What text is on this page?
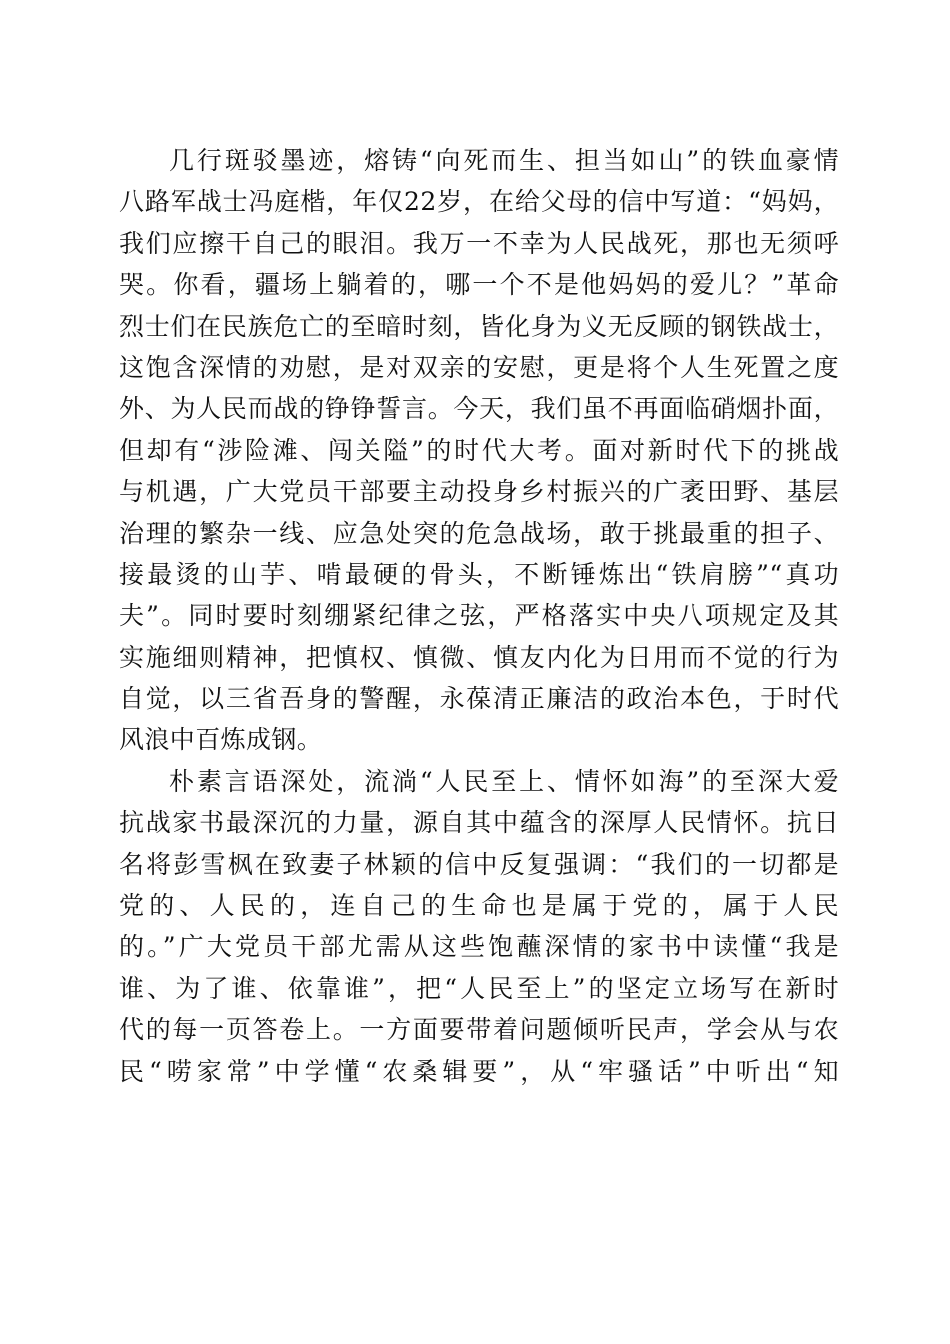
几行斑驳墨迹，熔铸“向死而生、担当如山”的铁血豪情
八路军战士冯庭楷，年仅22岁，在给父母的信中写道：“妈妈，
我们应擦干自己的眼泪。我万一不幸为人民战死，那也无须呼
哭。你看，疆场上躺着的，哪一个不是他妈妈的爱儿？”革命
烈士们在民族危亡的至暗时刻，皆化身为义无反顾的钢铁战士，
这饱含深情的劝慰，是对双亲的安慰，更是将个人生死置之度
外、为人民而战的铮铮誓言。今天，我们虽不再面临硝烟扑面，
但却有“涉险滩、闯关隘”的时代大考。面对新时代下的挑战
与机遇，广大党员干部要主动投身乡村振兴的广袤田野、基层
治理的繁杂一线、应急处突的危急战场，敢于挑最重的担子、
接最烫的山芋、啃最硬的骨头，不断锤炼出“铁肩膀”“真功
夫”。同时要时刻绷紧纪律之弦，严格落实中央八项规定及其
实施细则精神，把慎权、慎微、慎友内化为日用而不觉的行为
自觉，以三省吾身的警醒，永葆清正廉洁的政治本色，于时代
风浪中百炼成钢。
朴素言语深处，流淌“人民至上、情怀如海”的至深大爱
抗战家书最深沉的力量，源自其中蕴含的深厚人民情怀。抗日
名将彭雪枫在致妻子林颖的信中反复强调：“我们的一切都是
党的、人民的，连自己的生命也是属于党的，属于人民
的。”广大党员干部尤需从这些饱蘸深情的家书中读懂“我是
谁、为了谁、依靠谁”，把“人民至上”的坚定立场写在新时
代的每一页答卷上。一方面要带着问题倾听民声，学会从与农
民“唠家常”中学懂“农桑辑要”，从“牢骚话”中听出“知
